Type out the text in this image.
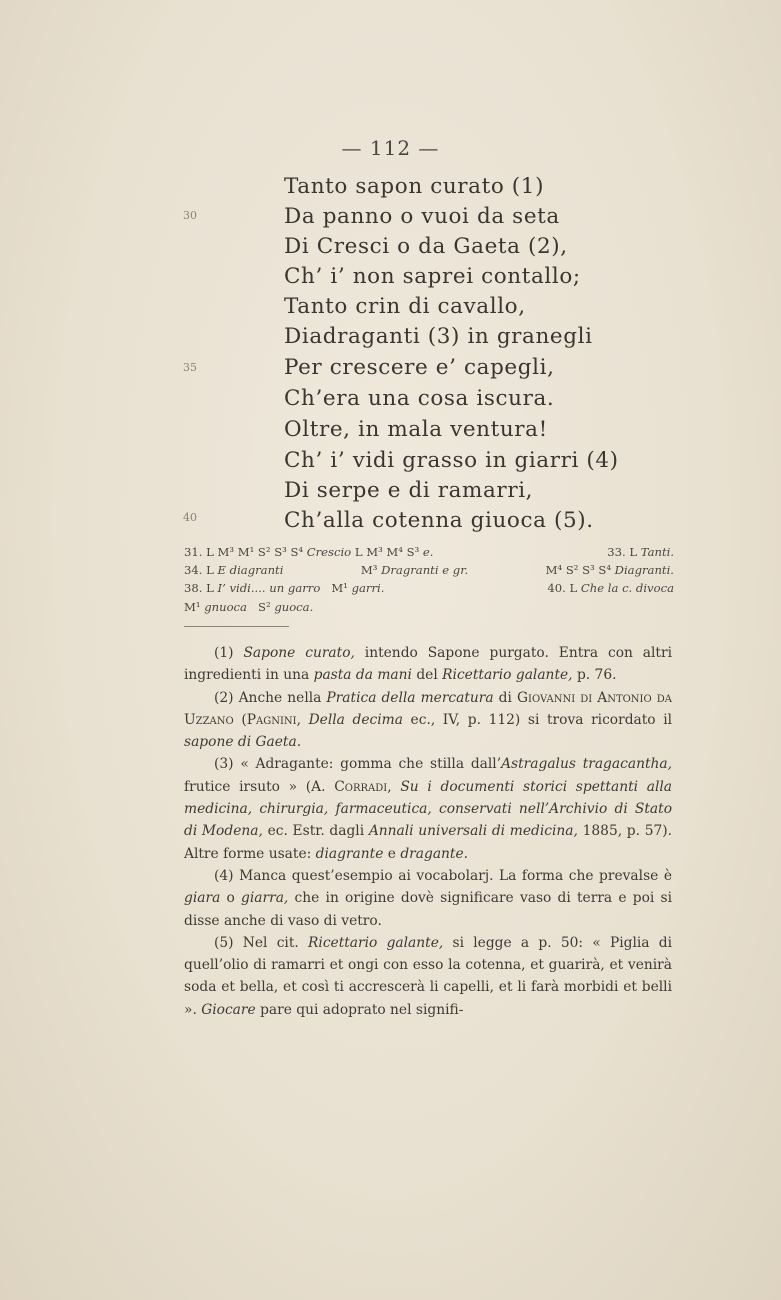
— 112 —
Tanto sapon curato (1)
30	Da panno o vuoi da seta
Di Cresci o da Gaeta (2),
Ch’ i’ non saprei contallo;
Tanto crin di cavallo,
Diadraganti (3) in granegli
35	Per crescere e’ capegli,
Ch’era una cosa iscura.
Oltre, in mala ventura!
Ch’ i’ vidi grasso in giarri (4)
Di serpe e di ramarri,
40	Ch’alla cotenna giuoca (5).
31. L M³ M¹ S² S³ S⁴ Crescio L M³ M⁴ S³ e.	33. L Tanti.
34. L E diagranti	M³ Dragranti e gr.	M⁴ S² S³ S⁴ Diagranti.
38. L I’ vidi.... un garro M¹ garri.	40. L Che la c. divoca
M¹ gnuoca S² guoca.

(1) Sapone curato, intendo Sapone purgato. Entra con altri ingredienti in una pasta da mani del Ricettario galante, p. 76.

(2) Anche nella Pratica della mercatura di Giovanni di Antonio da Uzzano (Pagnini, Della decima ec., IV, p. 112) si trova ricordato il sapone di Gaeta.

(3) « Adragante: gomma che stilla dall’Astragalus tragacantha, frutice irsuto » (A. Corradi, Su i documenti storici spettanti alla medicina, chirurgia, farmaceutica, conservati nell’Archivio di Stato di Modena, ec. Estr. dagli Annali universali di medicina, 1885, p. 57). Altre forme usate: diagrante e dragante.

(4) Manca quest’esempio ai vocabolarj. La forma che prevalse è giara o giarra, che in origine dovè significare vaso di terra e poi si disse anche di vaso di vetro.

(5) Nel cit. Ricettario galante, si legge a p. 50: « Piglia di quell’olio di ramarri et ongi con esso la cotenna, et guarirà, et venirà soda et bella, et così ti accrescerà li capelli, et li farà morbidi et belli ». Giocare pare qui adoprato nel signifi-
